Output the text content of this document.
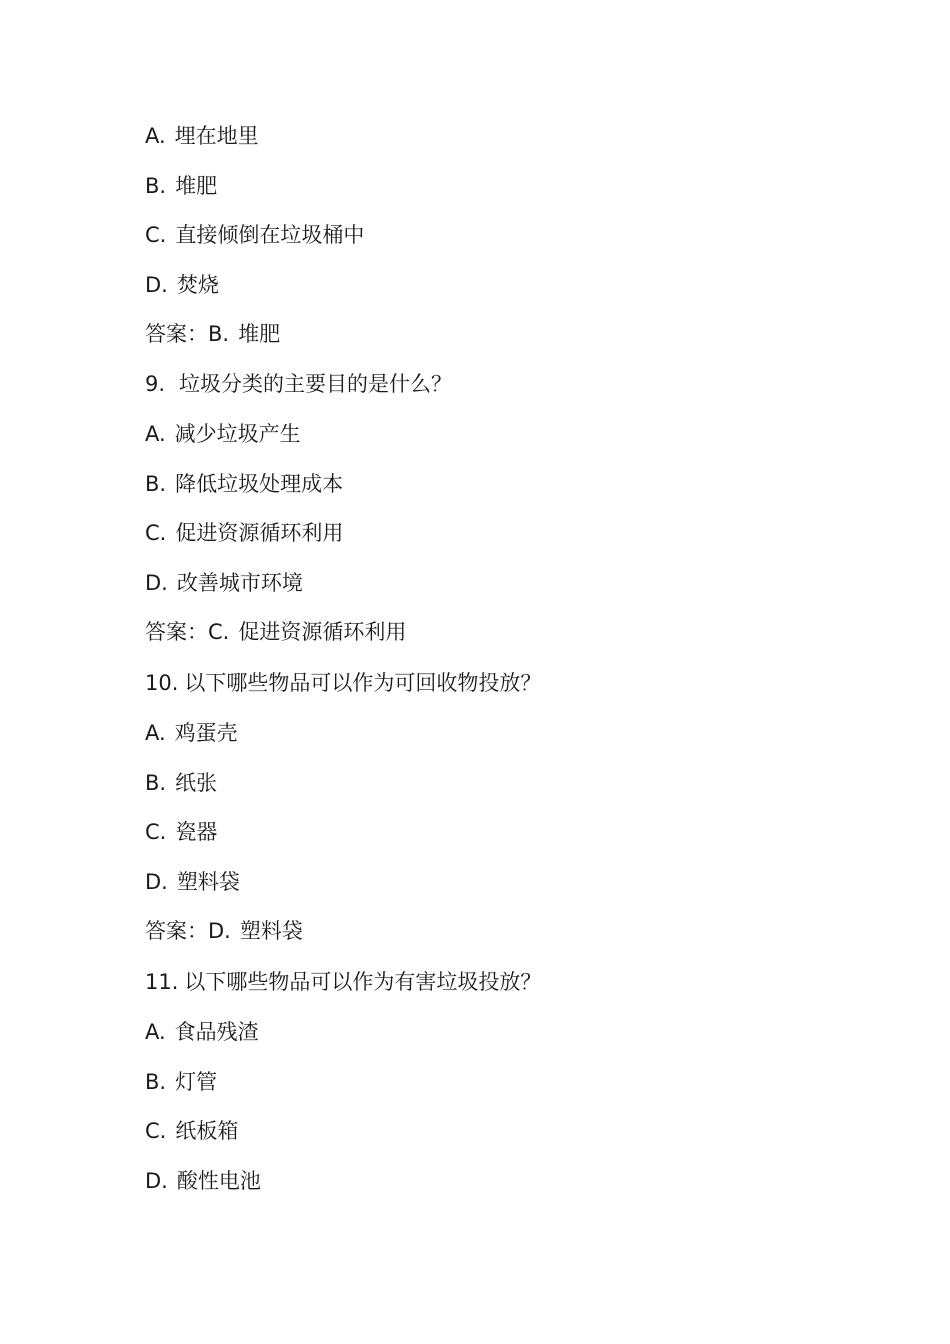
A. 埋在地里
B. 堆肥
C. 直接倾倒在垃圾桶中
D. 焚烧
答案：B. 堆肥
9. 垃圾分类的主要目的是什么？
A. 减少垃圾产生
B. 降低垃圾处理成本
C. 促进资源循环利用
D. 改善城市环境
答案：C. 促进资源循环利用
10. 以下哪些物品可以作为可回收物投放？
A. 鸡蛋壳
B. 纸张
C. 瓷器
D. 塑料袋
答案：D. 塑料袋
11. 以下哪些物品可以作为有害垃圾投放？
A. 食品残渣
B. 灯管
C. 纸板箱
D. 酸性电池
